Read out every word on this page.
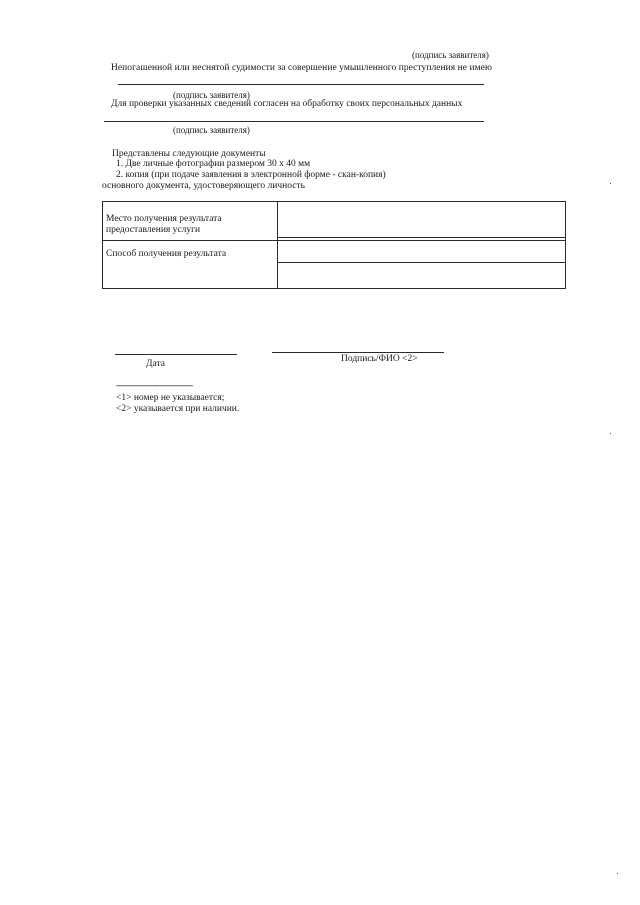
(подпись заявителя)
Непогашенной или неснятой судимости за совершение умышленного преступления не имею
(подпись заявителя)
Для проверки указанных сведений согласен на обработку своих персональных данных
(подпись заявителя)
Представлены следующие документы
1. Две личные фотографии размером 30 х 40 мм
2. копия (при подаче заявления в электронной форме - скан-копия)
основного документа, удостоверяющего личность
Место получения результата
предоставления услуги
Способ получения результата
Дата	Подпись/ФИО <2>
--------------------------------
<1> номер не указывается;
<2> указывается при наличии.
